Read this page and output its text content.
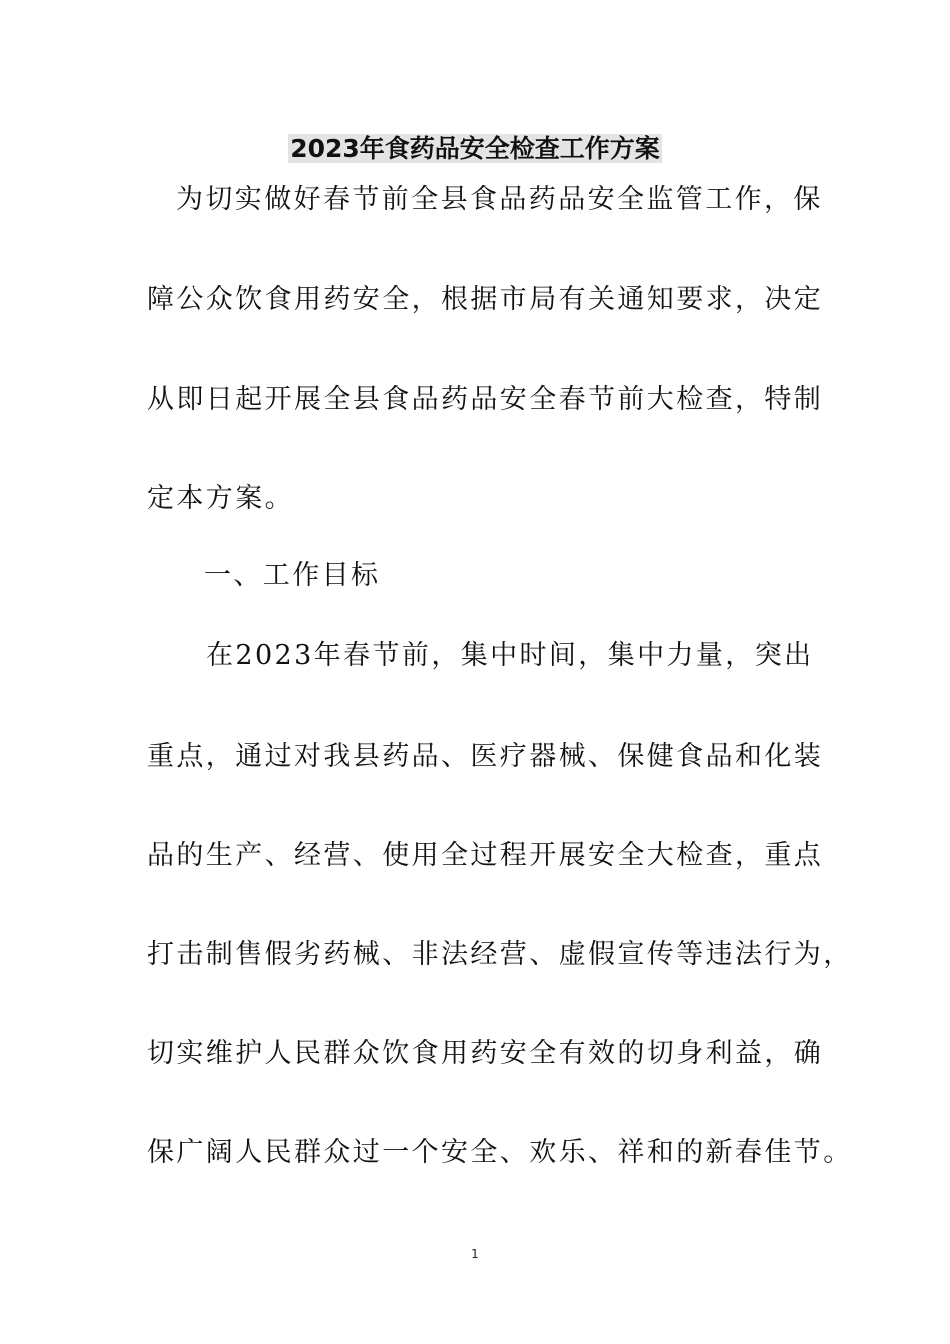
2023年食药品安全检查工作方案
为切实做好春节前全县食品药品安全监管工作，保
障公众饮食用药安全，根据市局有关通知要求，决定
从即日起开展全县食品药品安全春节前大检查，特制
定本方案。
一、工作目标
在2023年春节前，集中时间，集中力量，突出
重点，通过对我县药品、医疗器械、保健食品和化装
品的生产、经营、使用全过程开展安全大检查，重点
打击制售假劣药械、非法经营、虚假宣传等违法行为，
切实维护人民群众饮食用药安全有效的切身利益，确
保广阔人民群众过一个安全、欢乐、祥和的新春佳节。
1
